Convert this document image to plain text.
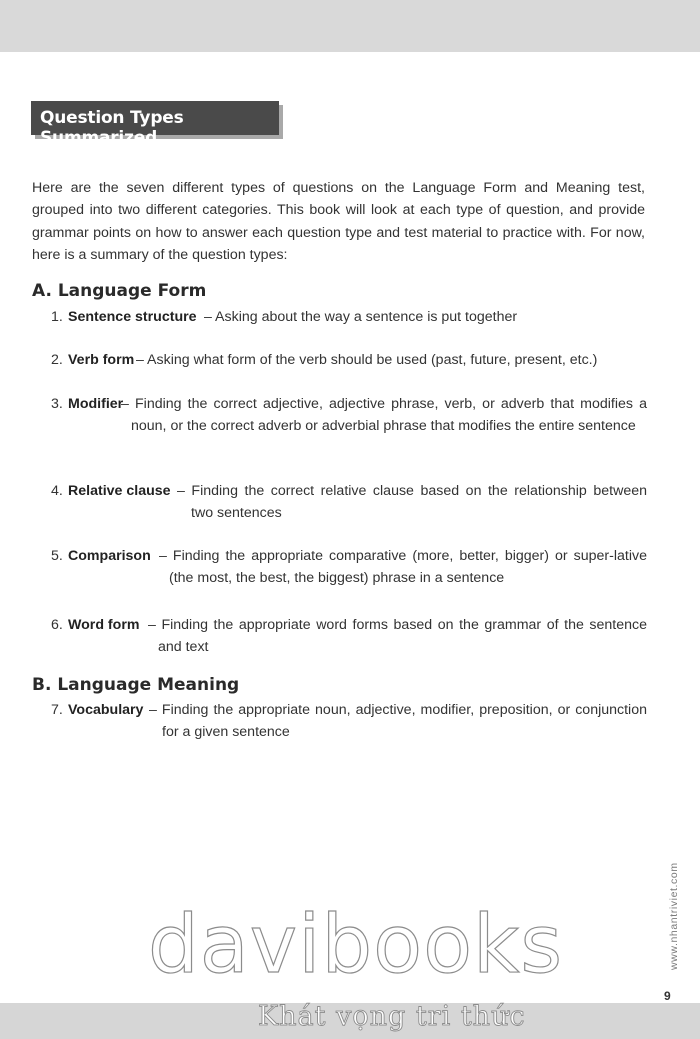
Question Types Summarized
Here are the seven different types of questions on the Language Form and Meaning test, grouped into two different categories. This book will look at each type of question, and provide grammar points on how to answer each question type and test material to practice with. For now, here is a summary of the question types:
A. Language Form
1. Sentence structure – Asking about the way a sentence is put together
2. Verb form – Asking what form of the verb should be used (past, future, present, etc.)
3. Modifier
– Finding the correct adjective, adjective phrase, verb, or adverb that modifies a noun, or the correct adverb or adverbial phrase that modifies the entire sentence
4. Relative clause – Finding the correct relative clause based on the relationship between two sentences
5. Comparison – Finding the appropriate comparative (more, better, bigger) or super-lative (the most, the best, the biggest) phrase in a sentence
6. Word form – Finding the appropriate word forms based on the grammar of the sentence and text
B. Language Meaning
7. Vocabulary – Finding the appropriate noun, adjective, modifier, preposition, or conjunction for a given sentence
www.nhantriviet.com
davibooks
Khát vọng tri thức
9
